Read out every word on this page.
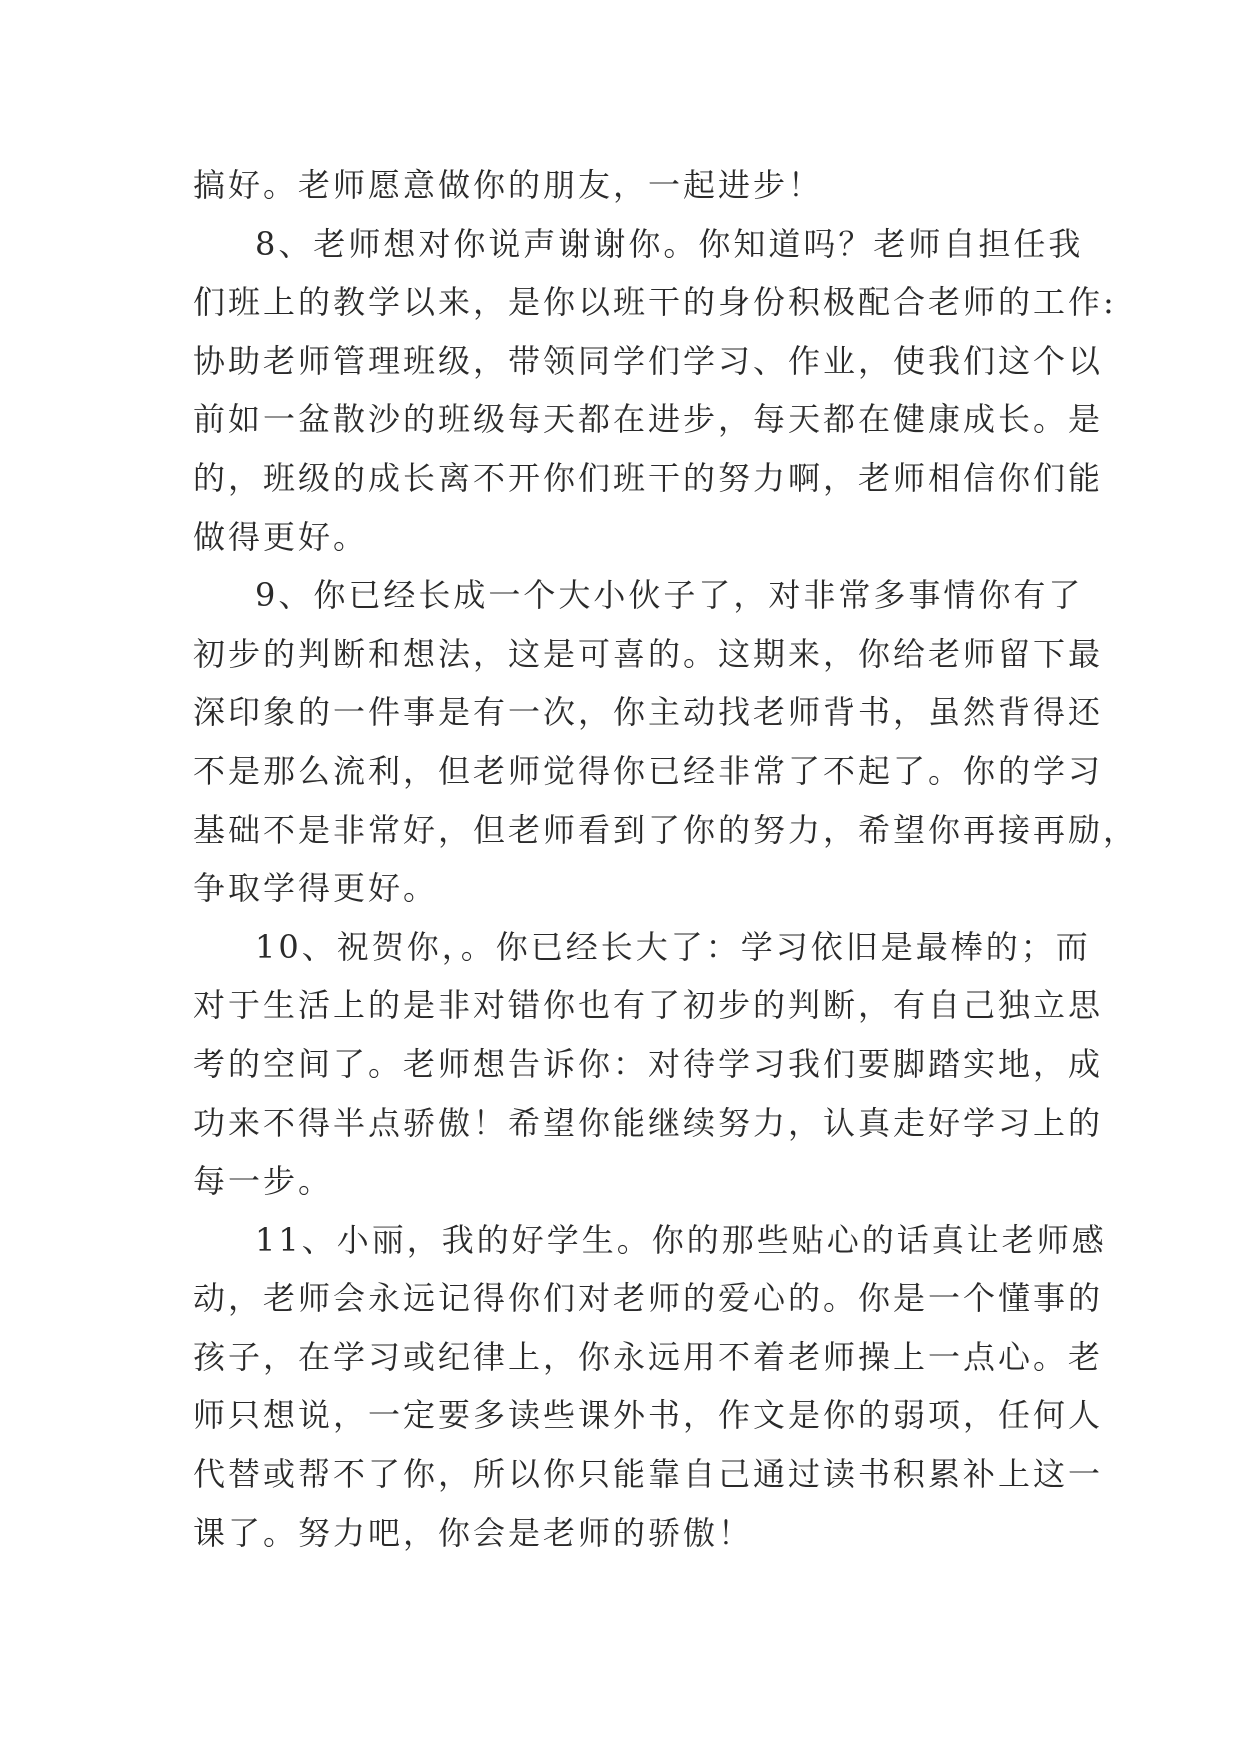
搞好。老师愿意做你的朋友，一起进步！
8、老师想对你说声谢谢你。你知道吗？老师自担任我
们班上的教学以来，是你以班干的身份积极配合老师的工作:
协助老师管理班级，带领同学们学习、作业，使我们这个以
前如一盆散沙的班级每天都在进步，每天都在健康成长。是
的，班级的成长离不开你们班干的努力啊，老师相信你们能
做得更好。
9、你已经长成一个大小伙子了，对非常多事情你有了
初步的判断和想法，这是可喜的。这期来，你给老师留下最
深印象的一件事是有一次，你主动找老师背书，虽然背得还
不是那么流利，但老师觉得你已经非常了不起了。你的学习
基础不是非常好，但老师看到了你的努力，希望你再接再励，
争取学得更好。
10、祝贺你，。你已经长大了：学习依旧是最棒的；而
对于生活上的是非对错你也有了初步的判断，有自己独立思
考的空间了。老师想告诉你：对待学习我们要脚踏实地，成
功来不得半点骄傲！希望你能继续努力，认真走好学习上的
每一步。
11、小丽，我的好学生。你的那些贴心的话真让老师感
动，老师会永远记得你们对老师的爱心的。你是一个懂事的
孩子，在学习或纪律上，你永远用不着老师操上一点心。老
师只想说，一定要多读些课外书，作文是你的弱项，任何人
代替或帮不了你，所以你只能靠自己通过读书积累补上这一
课了。努力吧，你会是老师的骄傲！
